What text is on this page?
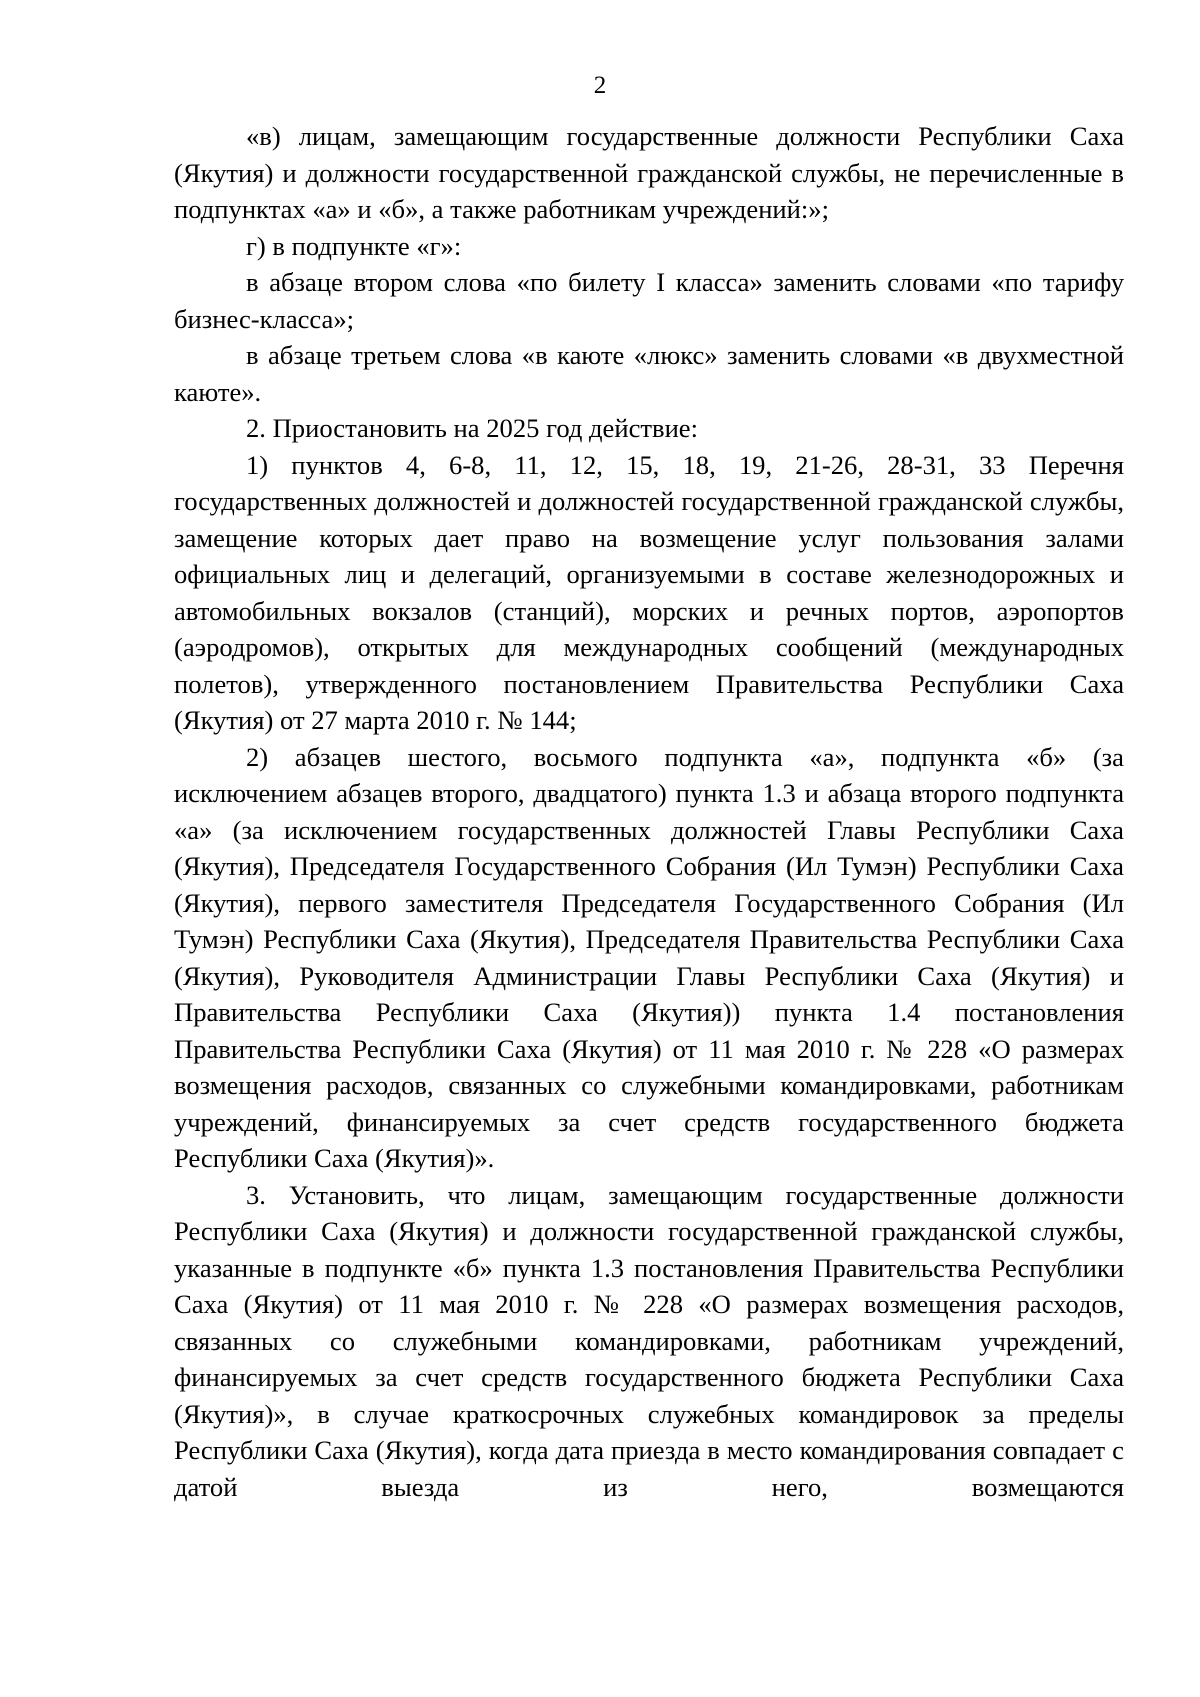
2

«в) лицам, замещающим государственные должности Республики Саха (Якутия) и должности государственной гражданской службы, не перечисленные в подпунктах «а» и «б», а также работникам учреждений:»;

г) в подпункте «г»:

в абзаце втором слова «по билету I класса» заменить словами «по тарифу бизнес-класса»;

в абзаце третьем слова «в каюте «люкс» заменить словами «в двухместной каюте».

2. Приостановить на 2025 год действие:

1) пунктов 4, 6-8, 11, 12, 15, 18, 19, 21-26, 28-31, 33 Перечня государственных должностей и должностей государственной гражданской службы, замещение которых дает право на возмещение услуг пользования залами официальных лиц и делегаций, организуемыми в составе железнодорожных и автомобильных вокзалов (станций), морских и речных портов, аэропортов (аэродромов), открытых для международных сообщений (международных полетов), утвержденного постановлением Правительства Республики Саха (Якутия) от 27 марта 2010 г. № 144;

2) абзацев шестого, восьмого подпункта «а», подпункта «б» (за исключением абзацев второго, двадцатого) пункта 1.3 и абзаца второго подпункта «а» (за исключением государственных должностей Главы Республики Саха (Якутия), Председателя Государственного Собрания (Ил Тумэн) Республики Саха (Якутия), первого заместителя Председателя Государственного Собрания (Ил Тумэн) Республики Саха (Якутия), Председателя Правительства Республики Саха (Якутия), Руководителя Администрации Главы Республики Саха (Якутия) и Правительства Республики Саха (Якутия)) пункта 1.4 постановления Правительства Республики Саха (Якутия) от 11 мая 2010 г. № 228 «О размерах возмещения расходов, связанных со служебными командировками, работникам учреждений, финансируемых за счет средств государственного бюджета Республики Саха (Якутия)».

3. Установить, что лицам, замещающим государственные должности Республики Саха (Якутия) и должности государственной гражданской службы, указанные в подпункте «б» пункта 1.3 постановления Правительства Республики Саха (Якутия) от 11 мая 2010 г. № 228 «О размерах возмещения расходов, связанных со служебными командировками, работникам учреждений, финансируемых за счет средств государственного бюджета Республики Саха (Якутия)», в случае краткосрочных служебных командировок за пределы Республики Саха (Якутия), когда дата приезда в место командирования совпадает с датой выезда из него, возмещаются
